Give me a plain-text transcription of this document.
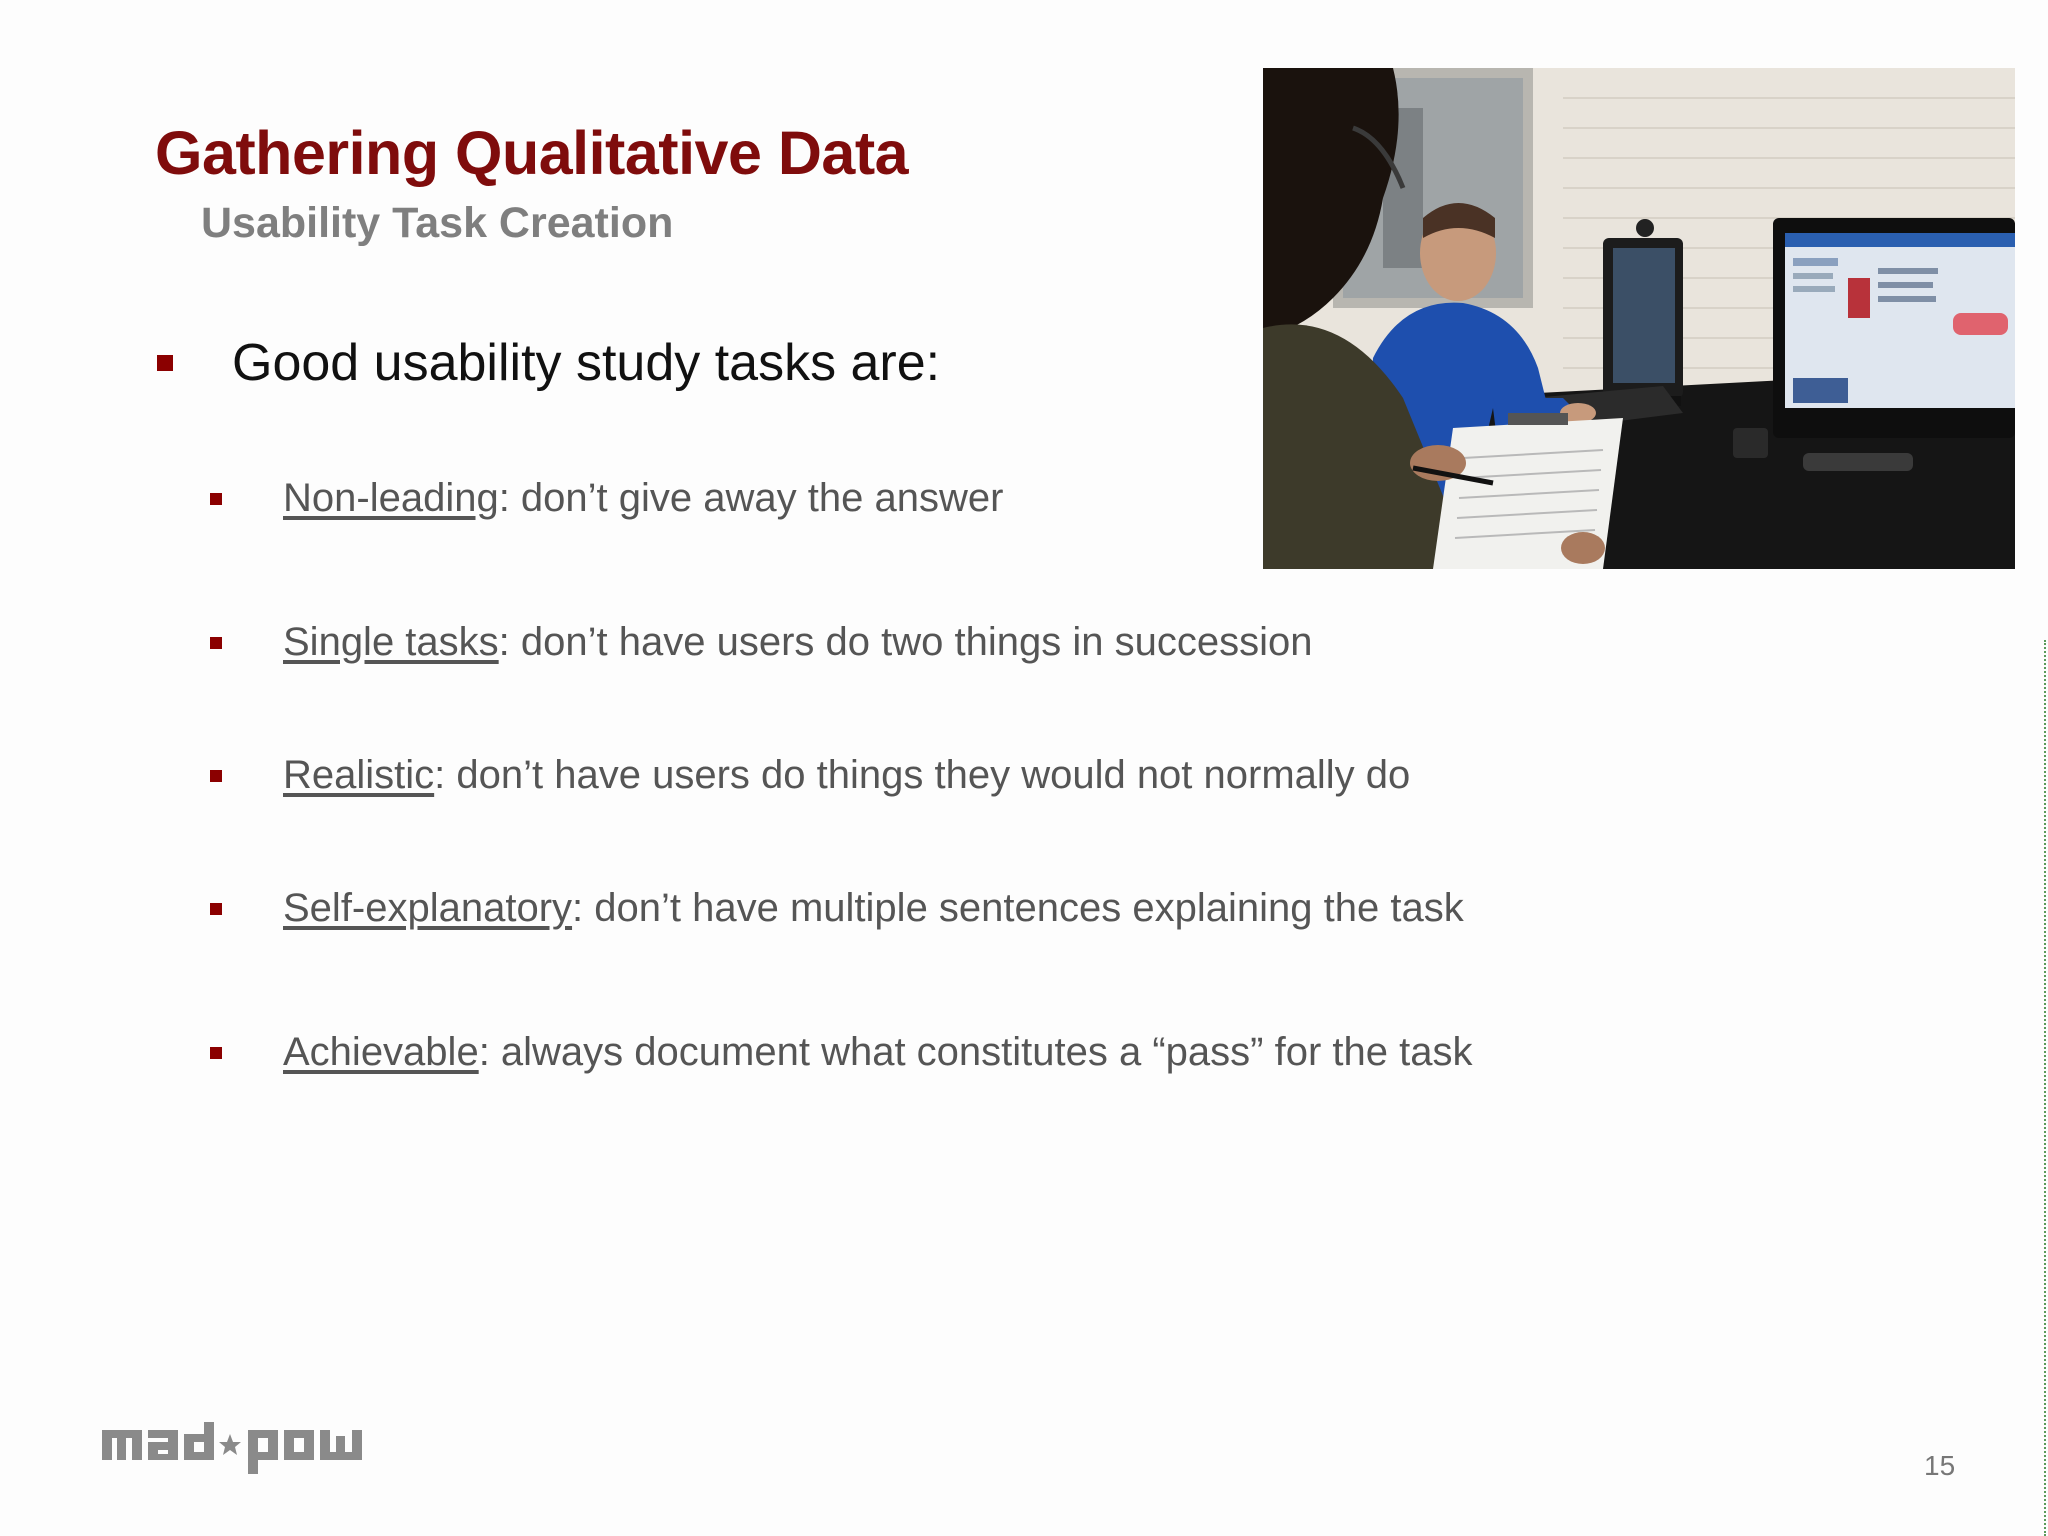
Gathering Qualitative Data
Usability Task Creation
Good usability study tasks are:
Non-leading: don’t give away the answer
Single tasks: don’t have users do two things in succession
Realistic: don’t have users do things they would not normally do
Self-explanatory: don’t have multiple sentences explaining the task
Achievable: always document what constitutes a “pass” for the task
15
